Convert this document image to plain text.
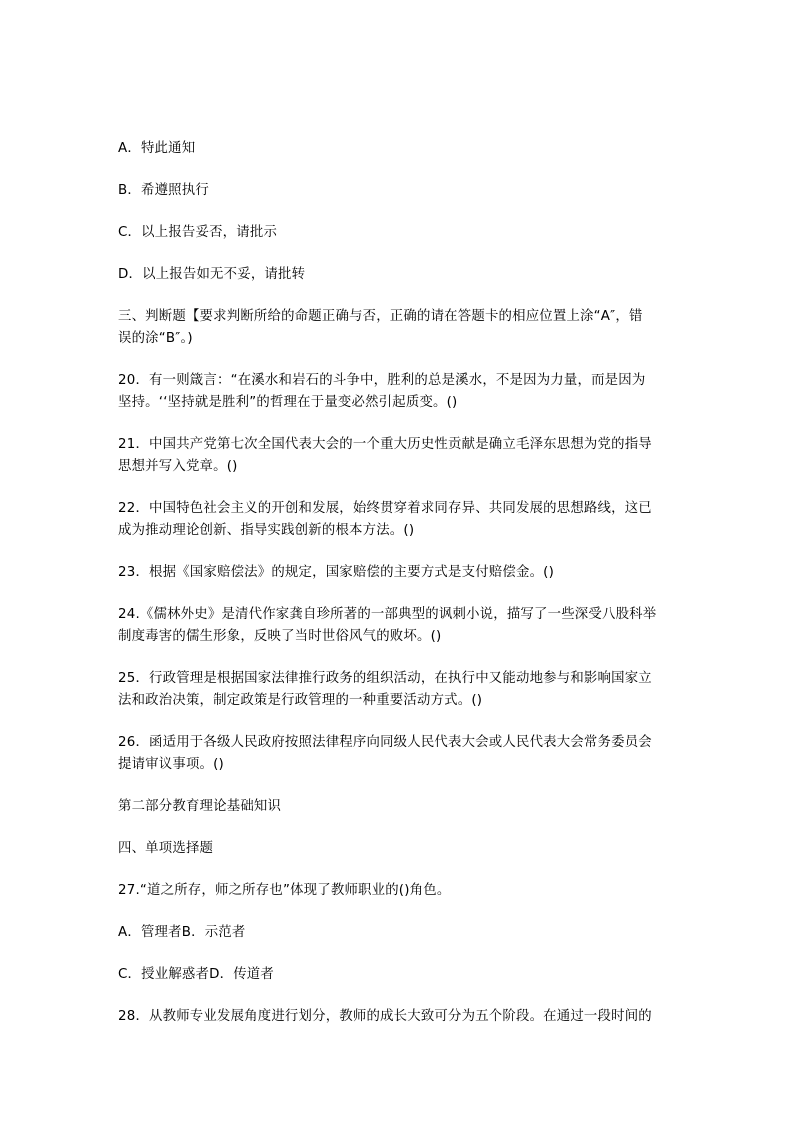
A．特此通知
B．希遵照执行
C．以上报告妥否，请批示
D．以上报告如无不妥，请批转
三、判断题【要求判断所给的命题正确与否，正确的请在答题卡的相应位置上涂“A″，错
误的涂“B″。)
20．有一则箴言：“在溪水和岩石的斗争中，胜利的总是溪水，不是因为力量，而是因为
坚持。‘‘坚持就是胜利”的哲理在于量变必然引起质变。()
21．中国共产党第七次全国代表大会的一个重大历史性贡献是确立毛泽东思想为党的指导
思想并写入党章。()
22．中国特色社会主义的开创和发展，始终贯穿着求同存异、共同发展的思想路线，这已
成为推动理论创新、指导实践创新的根本方法。()
23．根据《国家赔偿法》的规定，国家赔偿的主要方式是支付赔偿金。()
24.《儒林外史》是清代作家龚自珍所著的一部典型的讽刺小说，描写了一些深受八股科举
制度毒害的儒生形象，反映了当时世俗风气的败坏。()
25．行政管理是根据国家法律推行政务的组织活动，在执行中又能动地参与和影响国家立
法和政治决策，制定政策是行政管理的一种重要活动方式。()
26．函适用于各级人民政府按照法律程序向同级人民代表大会或人民代表大会常务委员会
提请审议事项。()
第二部分教育理论基础知识
四、单项选择题
27.“道之所存，师之所存也”体现了教师职业的()角色。
A．管理者B．示范者
C．授业解惑者D．传道者
28．从教师专业发展角度进行划分，教师的成长大致可分为五个阶段。在通过一段时间的
